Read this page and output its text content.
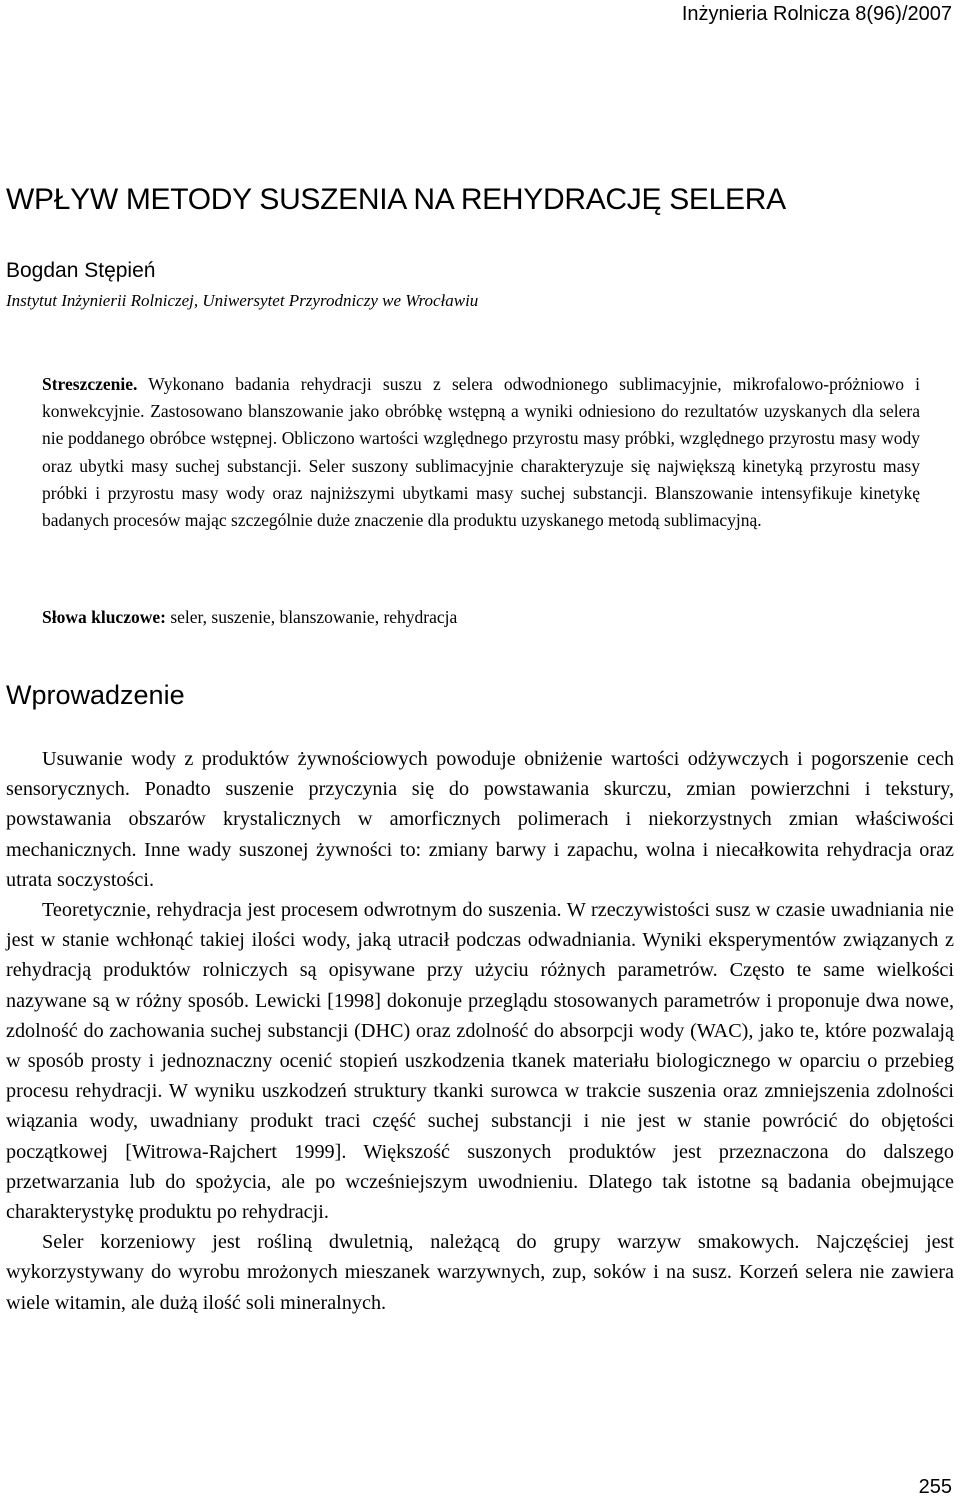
Inżynieria Rolnicza 8(96)/2007
WPŁYW METODY SUSZENIA NA REHYDRACJĘ SELERA
Bogdan Stępień
Instytut Inżynierii Rolniczej, Uniwersytet Przyrodniczy we Wrocławiu
Streszczenie. Wykonano badania rehydracji suszu z selera odwodnionego sublimacyjnie, mikrofalowo-próżniowo i konwekcyjnie. Zastosowano blanszowanie jako obróbkę wstępną a wyniki odniesiono do rezultatów uzyskanych dla selera nie poddanego obróbce wstępnej. Obliczono wartości względnego przyrostu masy próbki, względnego przyrostu masy wody oraz ubytki masy suchej substancji. Seler suszony sublimacyjnie charakteryzuje się największą kinetyką przyrostu masy próbki i przyrostu masy wody oraz najniższymi ubytkami masy suchej substancji. Blanszowanie intensyfikuje kinetykę badanych procesów mając szczególnie duże znaczenie dla produktu uzyskanego metodą sublimacyjną.
Słowa kluczowe: seler, suszenie, blanszowanie, rehydracja
Wprowadzenie

Usuwanie wody z produktów żywnościowych powoduje obniżenie wartości odżywczych i pogorszenie cech sensorycznych. Ponadto suszenie przyczynia się do powstawania skurczu, zmian powierzchni i tekstury, powstawania obszarów krystalicznych w amorficznych polimerach i niekorzystnych zmian właściwości mechanicznych. Inne wady suszonej żywności to: zmiany barwy i zapachu, wolna i niecałkowita rehydracja oraz utrata soczystości.

Teoretycznie, rehydracja jest procesem odwrotnym do suszenia. W rzeczywistości susz w czasie uwadniania nie jest w stanie wchłonąć takiej ilości wody, jaką utracił podczas odwadniania. Wyniki eksperymentów związanych z rehydracją produktów rolniczych są opisywane przy użyciu różnych parametrów. Często te same wielkości nazywane są w różny sposób. Lewicki [1998] dokonuje przeglądu stosowanych parametrów i proponuje dwa nowe, zdolność do zachowania suchej substancji (DHC) oraz zdolność do absorpcji wody (WAC), jako te, które pozwalają w sposób prosty i jednoznaczny ocenić stopień uszkodzenia tkanek materiału biologicznego w oparciu o przebieg procesu rehydracji. W wyniku uszkodzeń struktury tkanki surowca w trakcie suszenia oraz zmniejszenia zdolności wiązania wody, uwadniany produkt traci część suchej substancji i nie jest w stanie powrócić do objętości początkowej [Witrowa-Rajchert 1999]. Większość suszonych produktów jest przeznaczona do dalszego przetwarzania lub do spożycia, ale po wcześniejszym uwodnieniu. Dlatego tak istotne są badania obejmujące charakterystykę produktu po rehydracji.

Seler korzeniowy jest rośliną dwuletnią, należącą do grupy warzyw smakowych. Najczęściej jest wykorzystywany do wyrobu mrożonych mieszanek warzywnych, zup, soków i na susz. Korzeń selera nie zawiera wiele witamin, ale dużą ilość soli mineralnych.

255
